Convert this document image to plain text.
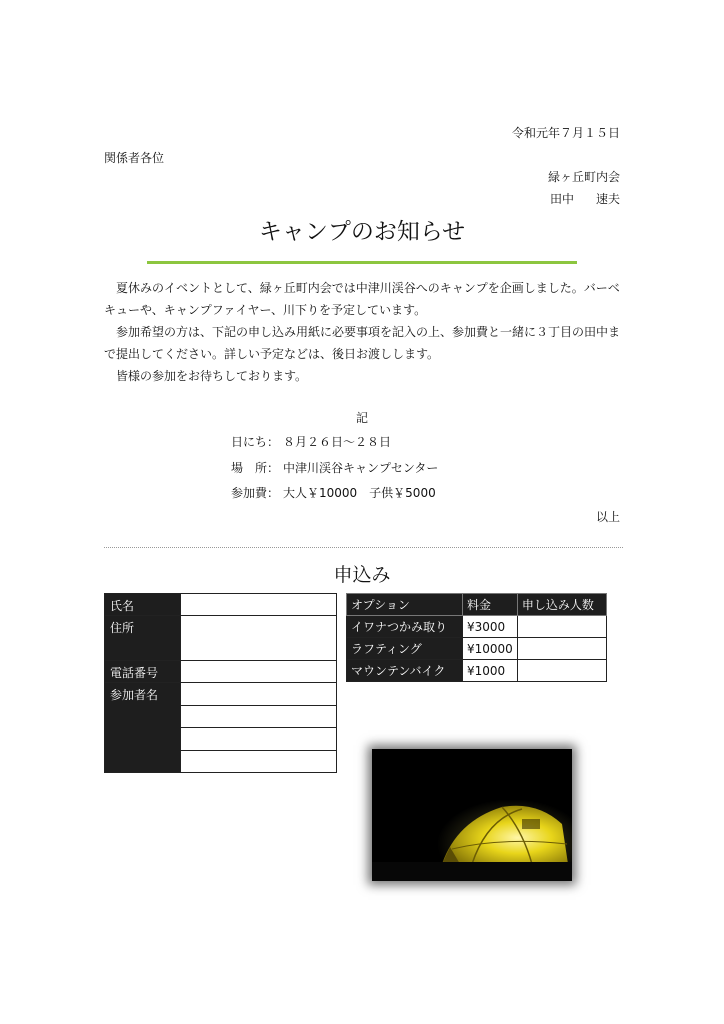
令和元年７月１５日
関係者各位
緑ヶ丘町内会
田中 速夫
キャンプのお知らせ

夏休みのイベントとして、緑ヶ丘町内会では中津川渓谷へのキャンプを企画しました。バーベキューや、キャンプファイヤー、川下りを予定しています。

参加希望の方は、下記の申し込み用紙に必要事項を記入の上、参加費と一緒に３丁目の田中まで提出してください。詳しい予定などは、後日お渡しします。

皆様の参加をお待ちしております。

記
日にち： ８月２６日～２８日
場　所： 中津川渓谷キャンプセンター
参加費： 大人￥10000　子供￥5000
以上
申込み
氏名	
住所	
電話番号	
参加者名	

オプション	料金	申し込み人数
イワナつかみ取り	¥3000	
ラフティング	¥10000	
マウンテンバイク	¥1000	
